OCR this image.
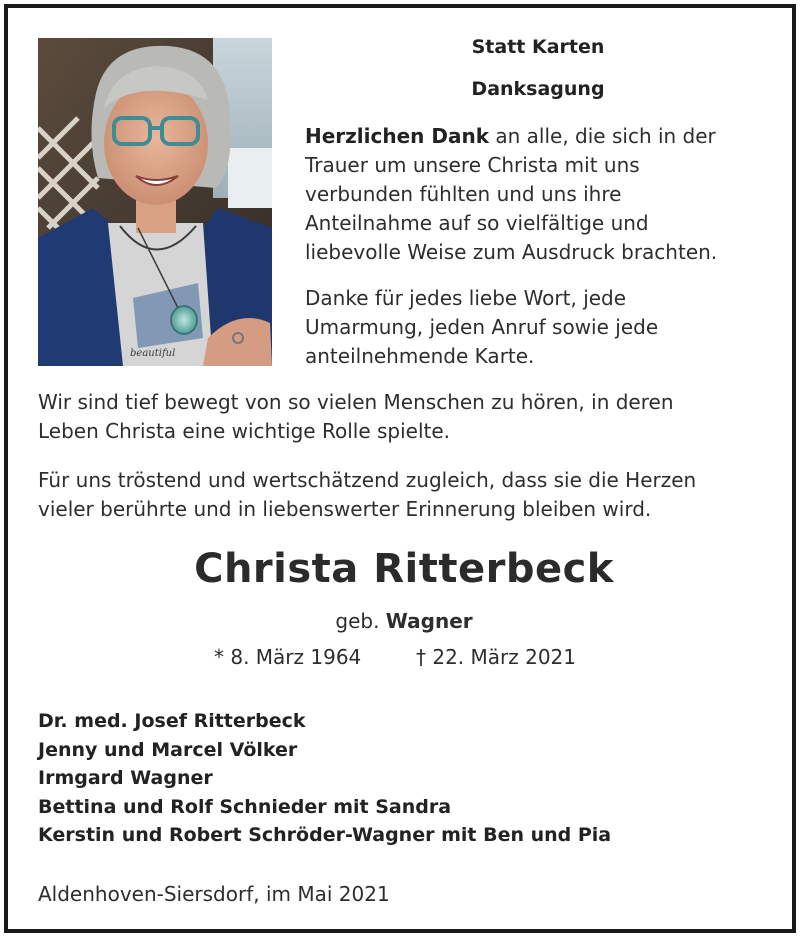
beautiful
Statt Karten
Danksagung
Herzlichen Dank an alle, die sich in der
Trauer um unsere Christa mit uns
verbunden fühlten und uns ihre
Anteilnahme auf so vielfältige und
liebevolle Weise zum Ausdruck brachten.
Danke für jedes liebe Wort, jede
Umarmung, jeden Anruf sowie jede
anteilnehmende Karte.
Wir sind tief bewegt von so vielen Menschen zu hören, in deren
Leben Christa eine wichtige Rolle spielte.
Für uns tröstend und wertschätzend zugleich, dass sie die Herzen
vieler berührte und in liebenswerter Erinnerung bleiben wird.
Christa Ritterbeck
geb. Wagner
* 8. März 1964	† 22. März 2021
Dr. med. Josef Ritterbeck
Jenny und Marcel Völker
Irmgard Wagner
Bettina und Rolf Schnieder mit Sandra
Kerstin und Robert Schröder-Wagner mit Ben und Pia
Aldenhoven-Siersdorf, im Mai 2021
